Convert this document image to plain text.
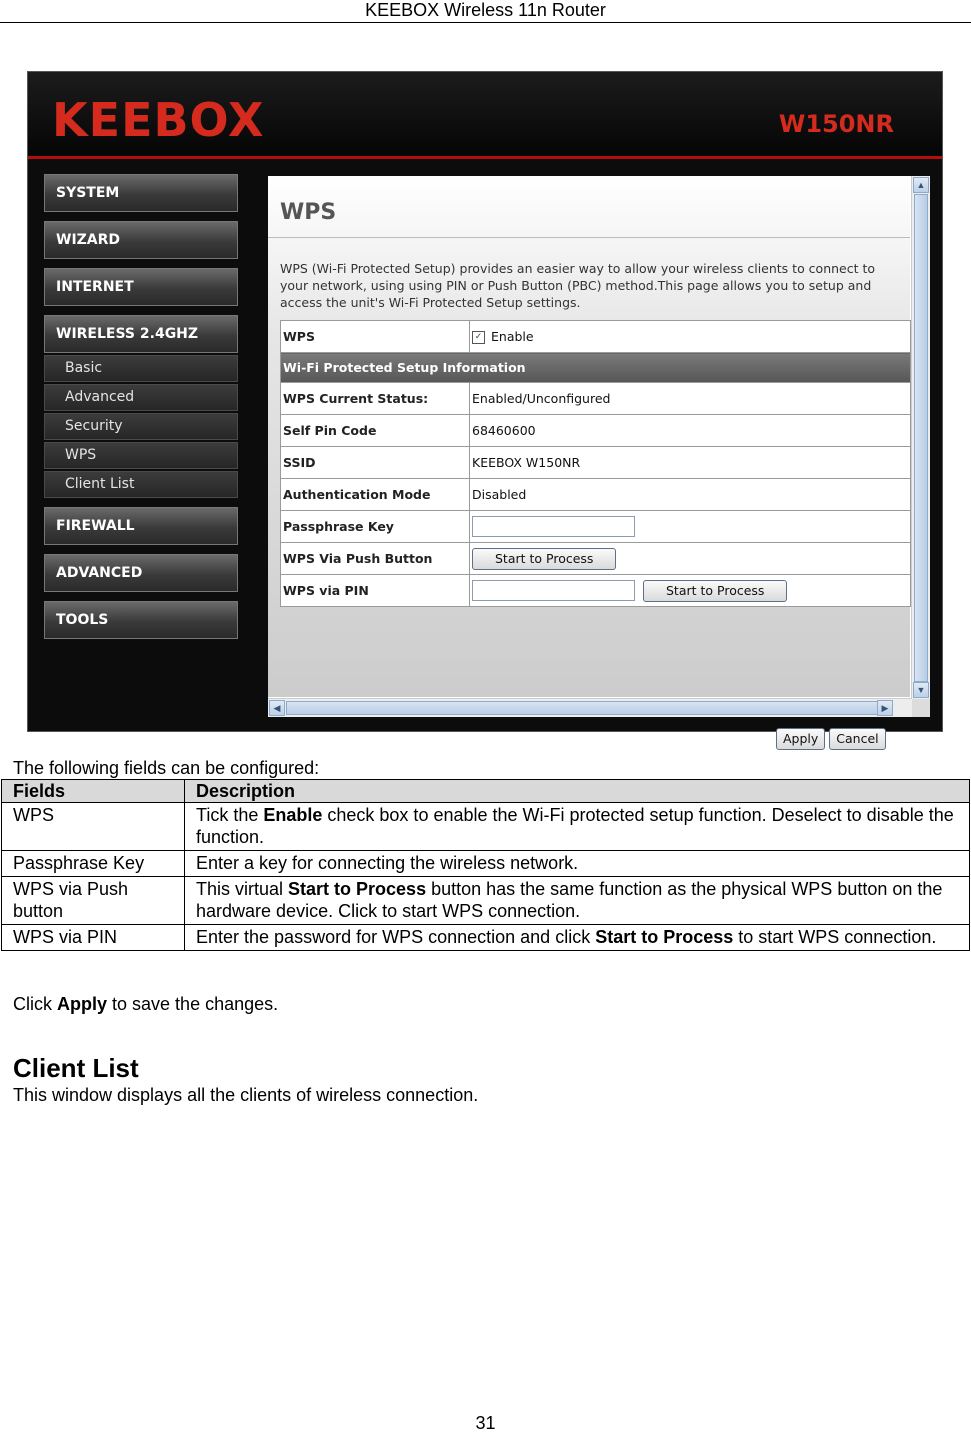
KEEBOX Wireless 11n Router
KEEBOX	W150NR
SYSTEM
WIZARD
INTERNET
WIRELESS 2.4GHZ
Basic
Advanced
Security
WPS
Client List
FIREWALL
ADVANCED
TOOLS
WPS
WPS (Wi-Fi Protected Setup) provides an easier way to allow your wireless clients to connect to your network, using using PIN or Push Button (PBC) method.This page allows you to setup and access the unit's Wi-Fi Protected Setup settings.
WPS	✓ Enable
Wi-Fi Protected Setup Information	
WPS Current Status:	Enabled/Unconfigured
Self Pin Code	68460600
SSID	KEEBOX W150NR
Authentication Mode	Disabled
Passphrase Key	
WPS Via Push Button	Start to Process
WPS via PIN	Start to Process
Apply Cancel
▲
▼
◀	▶
The following fields can be configured:
Fields	Description
WPS	Tick the Enable check box to enable the Wi-Fi protected setup function. Deselect to disable the function.
Passphrase Key	Enter a key for connecting the wireless network.
WPS via Push button	This virtual Start to Process button has the same function as the physical WPS button on the hardware device. Click to start WPS connection.
WPS via PIN	Enter the password for WPS connection and click Start to Process to start WPS connection.
Click Apply to save the changes.
Client List
This window displays all the clients of wireless connection.
31
